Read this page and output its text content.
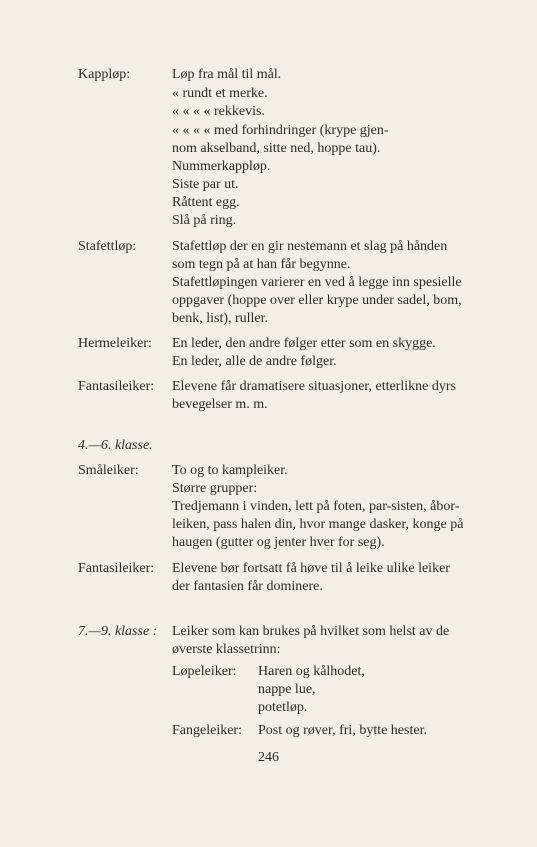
Kappløp:	Løp fra mål til mål.
« rundt et merke.
« « « « rekkevis.
« « « « med forhindringer (krype gjen-
nom akselband, sitte ned, hoppe tau).
Nummerkappløp.
Siste par ut.
Råttent egg.
Slå på ring.
Stafettløp:	Stafettløp der en gir nestemann et slag på hånden
som tegn på at han får begynne.
Stafettløpingen varierer en ved å legge inn spesielle
oppgaver (hoppe over eller krype under sadel, bom,
benk, list), ruller.
Hermeleiker: En leder, den andre følger etter som en skygge.
En leder, alle de andre følger.
Fantasileiker: Elevene får dramatisere situasjoner, etterlikne dyrs
bevegelser m. m.
4.—6. klasse.
Småleiker: To og to kampleiker.
Større grupper:
Tredjemann i vinden, lett på foten, par-sisten, åbor-
leiken, pass halen din, hvor mange dasker, konge på
haugen (gutter og jenter hver for seg).
Fantasileiker: Elevene bør fortsatt få høve til å leike ulike leiker
der fantasien får dominere.
7.—9. klasse : Leiker som kan brukes på hvilket som helst av de
øverste klassetrinn:
Løpeleiker: Haren og kålhodet,
nappe lue,
potetløp.
Fangeleiker: Post og røver, fri, bytte hester.
246
